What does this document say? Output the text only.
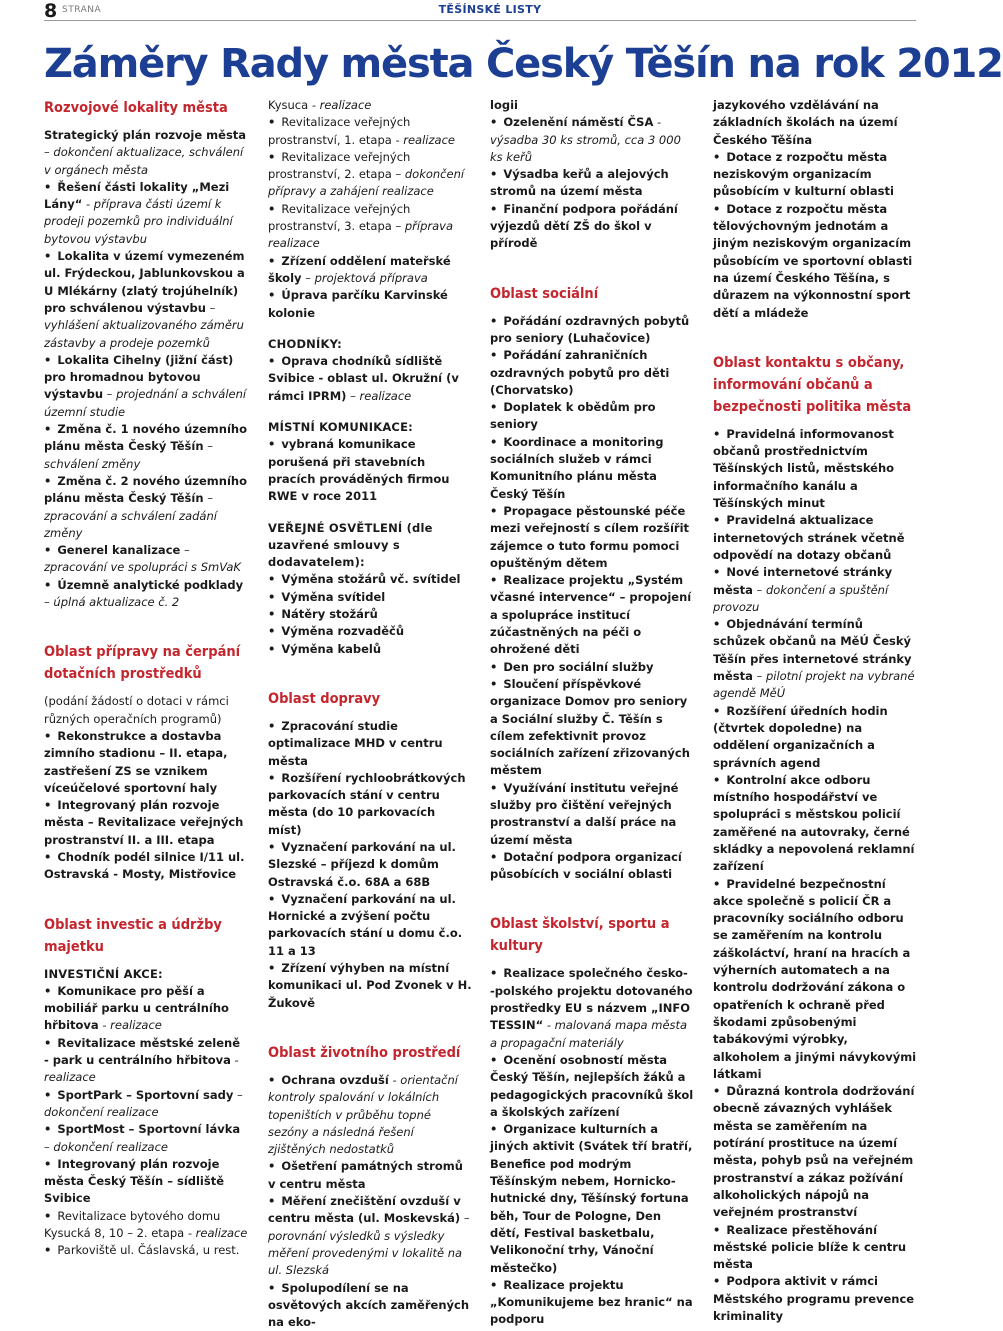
8 STRANA	TĚŠÍNSKÉ LISTY
Záměry Rady města Český Těšín na rok 2012
Rozvojové lokality města

Strategický plán rozvoje města – dokončení aktualizace, schválení v orgánech města

• Řešení části lokality „Mezi Lány“ - příprava části území k prodeji pozemků pro individuální bytovou výstavbu

• Lokalita v území vymezeném ul. Frýdeckou, Jablunkovskou a U Mlékárny (zlatý trojúhelník) pro schválenou výstavbu – vyhlášení aktualizovaného záměru zástavby a prodeje pozemků

• Lokalita Cihelny (jižní část) pro hromadnou bytovou výstavbu – projednání a schválení územní studie

• Změna č. 1 nového územního plánu města Český Těšín – schválení změny

• Změna č. 2 nového územního plánu města Český Těšín – zpracování a schválení zadání změny

• Generel kanalizace – zpracování ve spolupráci s SmVaK

• Územně analytické podklady – úplná aktualizace č. 2

Oblast přípravy na čerpání dotačních prostředků

(podání žádostí o dotaci v rámci různých operačních programů)

• Rekonstrukce a dostavba zimního stadionu – II. etapa, zastřešení ZS se vznikem víceúčelové sportovní haly

• Integrovaný plán rozvoje města – Revitalizace veřejných prostranství II. a III. etapa

• Chodník podél silnice I/11 ul. Ostravská - Mosty, Mistřovice

Oblast investic a údržby majetku

INVESTIČNÍ AKCE:

• Komunikace pro pěší a mobiliář parku u centrálního hřbitova - realizace

• Revitalizace městské zeleně - park u centrálního hřbitova - realizace

• SportPark – Sportovní sady – dokončení realizace

• SportMost – Sportovní lávka – dokončení realizace

• Integrovaný plán rozvoje města Český Těšín – sídliště Svibice

• Revitalizace bytového domu Kysucká 8, 10 – 2. etapa - realizace

• Parkoviště ul. Čáslavská, u rest.

Kysuca - realizace

• Revitalizace veřejných prostranství, 1. etapa - realizace

• Revitalizace veřejných prostranství, 2. etapa – dokončení přípravy a zahájení realizace

• Revitalizace veřejných prostranství, 3. etapa – příprava realizace

• Zřízení oddělení mateřské školy – projektová příprava

• Úprava parčíku Karvinské kolonie

CHODNÍKY:

• Oprava chodníků sídliště Svibice - oblast ul. Okružní (v rámci IPRM) – realizace

MÍSTNÍ KOMUNIKACE:

• vybraná komunikace porušená při stavebních pracích prováděných firmou RWE v roce 2011

VEŘEJNÉ OSVĚTLENÍ (dle uzavřené smlouvy s dodavatelem):

• Výměna stožárů vč. svítidel

• Výměna svítidel

• Nátěry stožárů

• Výměna rozvaděčů

• Výměna kabelů

Oblast dopravy

• Zpracování studie optimalizace MHD v centru města

• Rozšíření rychloobrátkových parkovacích stání v centru města (do 10 parkovacích míst)

• Vyznačení parkování na ul. Slezské – příjezd k domům Ostravská č.o. 68A a 68B

• Vyznačení parkování na ul. Hornické a zvýšení počtu parkovacích stání u domu č.o. 11 a 13

• Zřízení výhyben na místní komunikaci ul. Pod Zvonek v H. Žukově

Oblast životního prostředí

• Ochrana ovzduší - orientační kontroly spalování v lokálních topeništích v průběhu topné sezóny a následná řešení zjištěných nedostatků

• Ošetření památných stromů v centru města

• Měření znečištění ovzduší v centru města (ul. Moskevská) – porovnání výsledků s výsledky měření provedenými v lokalitě na ul. Slezská

• Spolupodílení se na osvětových akcích zaměřených na eko-

logii

• Ozelenění náměstí ČSA - výsadba 30 ks stromů, cca 3 000 ks keřů

• Výsadba keřů a alejových stromů na území města

• Finanční podpora pořádání výjezdů dětí ZŠ do škol v přírodě

Oblast sociální

• Pořádání ozdravných pobytů pro seniory (Luhačovice)

• Pořádání zahraničních ozdravných pobytů pro děti (Chorvatsko)

• Doplatek k obědům pro seniory

• Koordinace a monitoring sociálních služeb v rámci Komunitního plánu města Český Těšín

• Propagace pěstounské péče mezi veřejností s cílem rozšířit zájemce o tuto formu pomoci opuštěným dětem

• Realizace projektu „Systém včasné intervence“ – propojení a spolupráce institucí zúčastněných na péči o ohrožené děti

• Den pro sociální služby

• Sloučení příspěvkové organizace Domov pro seniory a Sociální služby Č. Těšín s cílem zefektivnit provoz sociálních zařízení zřizovaných městem

• Využívání institutu veřejné služby pro čištění veřejných prostranství a další práce na území města

• Dotační podpora organizací působících v sociální oblasti

Oblast školství, sportu a kultury

• Realizace společného česko- -polského projektu dotovaného prostředky EU s názvem „INFO TESSIN“ - malovaná mapa města a propagační materiály

• Ocenění osobností města Český Těšín, nejlepších žáků a pedagogických pracovníků škol a školských zařízení

• Organizace kulturních a jiných aktivit (Svátek tří bratří, Benefice pod modrým Těšínským nebem, Hornicko-hutnické dny, Těšínský fortuna běh, Tour de Pologne, Den dětí, Festival basketbalu, Velikonoční trhy, Vánoční městečko)

• Realizace projektu „Komunikujeme bez hranic“ na podporu

jazykového vzdělávání na základních školách na území Českého Těšína

• Dotace z rozpočtu města neziskovým organizacím působícím v kulturní oblasti

• Dotace z rozpočtu města tělovýchovným jednotám a jiným neziskovým organizacím působícím ve sportovní oblasti na území Českého Těšína, s důrazem na výkonnostní sport dětí a mládeže

Oblast kontaktu s občany, informování občanů a bezpečnosti politika města

• Pravidelná informovanost občanů prostřednictvím Těšínských listů, městského informačního kanálu a Těšínských minut

• Pravidelná aktualizace internetových stránek včetně odpovědí na dotazy občanů

• Nové internetové stránky města – dokončení a spuštění provozu

• Objednávání termínů schůzek občanů na MěÚ Český Těšín přes internetové stránky města – pilotní projekt na vybrané agendě MěÚ

• Rozšíření úředních hodin (čtvrtek dopoledne) na oddělení organizačních a správních agend

• Kontrolní akce odboru místního hospodářství ve spolupráci s městskou policií zaměřené na autovraky, černé skládky a nepovolená reklamní zařízení

• Pravidelné bezpečnostní akce společně s policií ČR a pracovníky sociálního odboru se zaměřením na kontrolu záškoláctví, hraní na hracích a výherních automatech a na kontrolu dodržování zákona o opatřeních k ochraně před škodami způsobenými tabákovými výrobky, alkoholem a jinými návykovými látkami

• Důrazná kontrola dodržování obecně závazných vyhlášek města se zaměřením na potírání prostituce na území města, pohyb psů na veřejném prostranství a zákaz požívání alkoholických nápojů na veřejném prostranství

• Realizace přestěhování městské policie blíže k centru města

• Podpora aktivit v rámci Městského programu prevence kriminality
